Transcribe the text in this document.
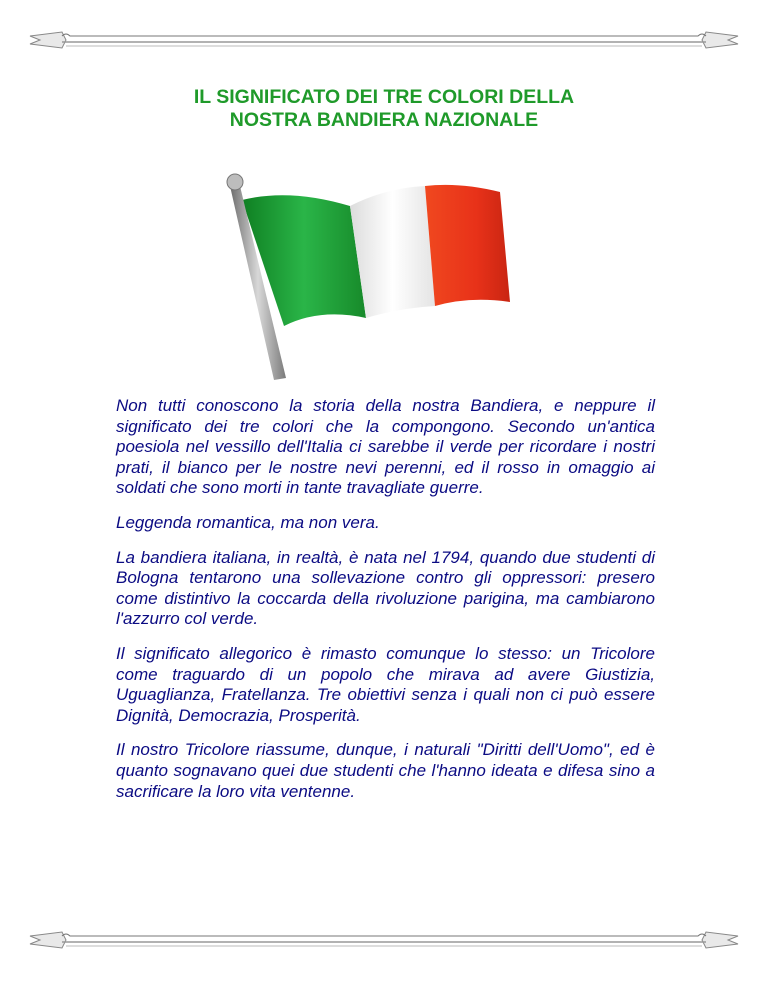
IL SIGNIFICATO DEI TRE COLORI DELLA
NOSTRA BANDIERA NAZIONALE

Non tutti conoscono la storia della nostra Bandiera, e neppure il significato dei tre colori che la compongono. Secondo un'antica poesiola nel vessillo dell'Italia ci sarebbe il verde per ricordare i nostri prati, il bianco per le nostre nevi perenni, ed il rosso in omaggio ai soldati che sono morti in tante travagliate guerre.

Leggenda romantica, ma non vera.

La bandiera italiana, in realtà, è nata nel 1794, quando due studenti di Bologna tentarono una sollevazione contro gli oppressori: presero come distintivo la coccarda della rivoluzione parigina, ma cambiarono l'azzurro col verde.

Il significato allegorico è rimasto comunque lo stesso: un Tricolore come traguardo di un popolo che mirava ad avere Giustizia, Uguaglianza, Fratellanza. Tre obiettivi senza i quali non ci può essere Dignità, Democrazia, Prosperità.

Il nostro Tricolore riassume, dunque, i naturali "Diritti dell'Uomo", ed è quanto sognavano quei due studenti che l'hanno ideata e difesa sino a sacrificare la loro vita ventenne.
